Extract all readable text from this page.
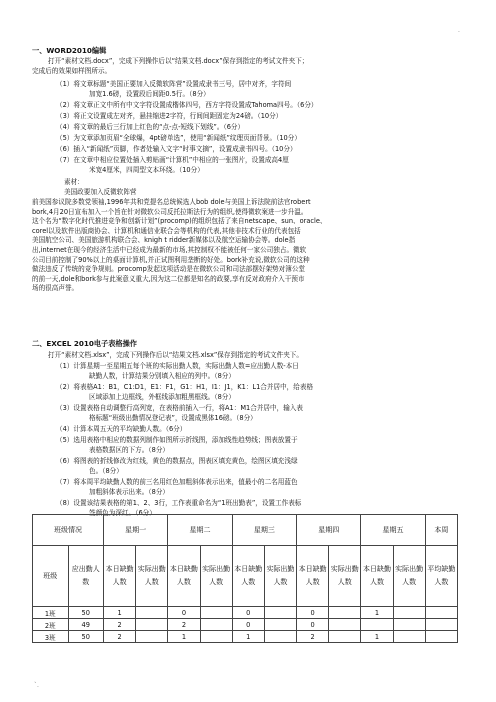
.
一、WORD2010编辑
打开“素材文档.docx”，完成下列操作后以“结果文档.docx”保存到指定的考试文件夹下；
完成后的效果如样图所示。
（1）将文章标题“美国正要加入反微软阵营”设置成隶书三号，居中对齐，字符间
加宽1.6磅，设置段后间距0.5行。（8分）
（2）将文章正文中所有中文字符设置成楷体四号，西方字符设置成Tahoma四号。（6分）
（3）将正文设置成左对齐，悬挂缩进2字符，行间间距固定为24磅。（10分）
（4）将文章的最后三行加上红色的“点-点-短线下划线”。（6分）
（5）为文章添加页眉“全球爆，4pt磅单选”，使用“新闻纸”纹理页面背景。（10分）
（6）插入“新闻纸”页脚，作者处输入文字“时事文摘”，设置成隶书四号。（10分）
（7）在文章中相应位置处插入剪贴画“计算机”中相应的一张图片，设置成高4厘
米宽4厘米，四周型文本环绕。（10分）
素材：
美国政要加入反微软阵营
前美国参议院多数党领袖,1996年共和党提名总统候选人bob dole与美国上诉法院前法官robert
bork,4月20日宣布加入一个旨在针对微软公司反托拉斯法行为的组织,使得微软案进一步升温。
这个名为“数字化时代推进竞争和创新计划”(procomp)的组织包括了来自netscape、sun、oracle、
corel以及软件出版商协会、计算机和通信业联合会等机构的代表,其他非技术行业的代表包括
美国航空公司、美国旅游机构联合会、knigh t ridder新媒体以及航空运输协会等。dole指
出,internet在现今的经济生活中已经成为最新的市场,其控制权不能被任何一家公司独占。微软
公司目前控制了90%以上的桌面计算机,并正试图利用垄断的好处。bork补充说,微软公司的这种
做法违反了传统的竞争规则。procomp发起这项活动是在微软公司和司法部摆好架势对簿公堂
的前一天,dole和bork参与此案意义重大,因为这二位都是知名的政要,享有反对政府介入干预市
场的很高声誉。
二、EXCEL 2010电子表格操作
打开“素材文档.xlsx”，完成下列操作后以“结果文档.xlsx”保存到指定的考试文件夹下。
（1）计算星期一至星期五每个班的实际出勤人数，实际出勤人数=应出勤人数-本日
缺勤人数，计算结果分别填入相应的列中。（8分）
（2）将表格A1：B1，C1:D1，E1：F1，G1：H1，I1：J1，K1：L1合并居中，给表格
区域添加上边框线，外框线添加粗黑框线。（8分）
（3）设置表格自动调整行高列宽，在表格前插入一行，将A1：M1合并居中，输入表
格标题“班级出勤情况登记表”，设置成黑体16磅。（8分）
（4）计算本周五天的平均缺勤人数。（6分）
（5）选用表格中相应的数据列制作如图所示折线图，添加线性趋势线；图表放置于
表格数据区的下方。（8分）
（6）将图表的折线修改为红线，黄色的数据点，图表区填充黄色，绘图区填充浅绿
色。（8分）
（7）将本周平均缺勤人数的前三名用红色加粗斜体表示出来，值最小的二名用蓝色
加粗斜体表示出来。（8分）
（8）设置该结果表格的第1、2、3行，工作表重命名为“1班出勤表”，设置工作表标
签颜色为深红。（6分）
班级情况		星期一		星期二		星期三		星期四		星期五		本周
班级	应出勤人数	本日缺勤人数	实际出勤人数	本日缺勤人数	实际出勤人数	本日缺勤人数	实际出勤人数	本日缺勤人数	实际出勤人数	本日缺勤人数	实际出勤人数	平均缺勤人数
1班	50	1		0		0		0		1		
2班	49	2		2		0		0				
3班	50	2		1		1		2		1		
`.
